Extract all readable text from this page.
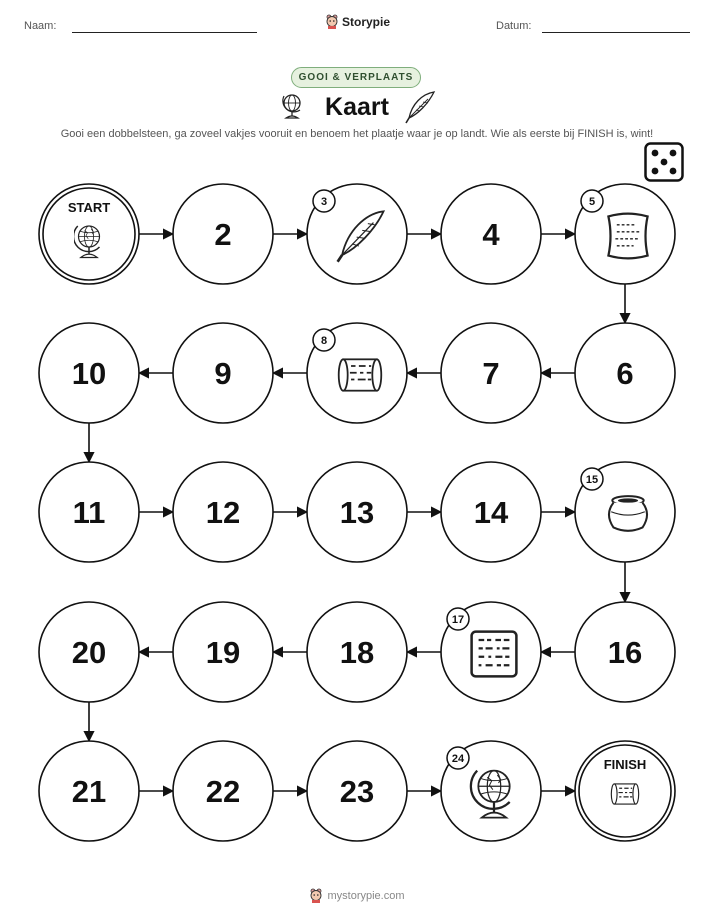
Naam:	Storypie	Datum:
GOOI & VERPLAATS
Kaart
Gooi een dobbelsteen, ga zoveel vakjes vooruit en benoem het plaatje waar je op landt. Wie als eerste bij FINISH is, wint!
START
2
3
4
5
10	9
8
7	6
11	12	13	14
15
20	19	18
17
16
21	22	23
24	FINISH
mystorypie.com
